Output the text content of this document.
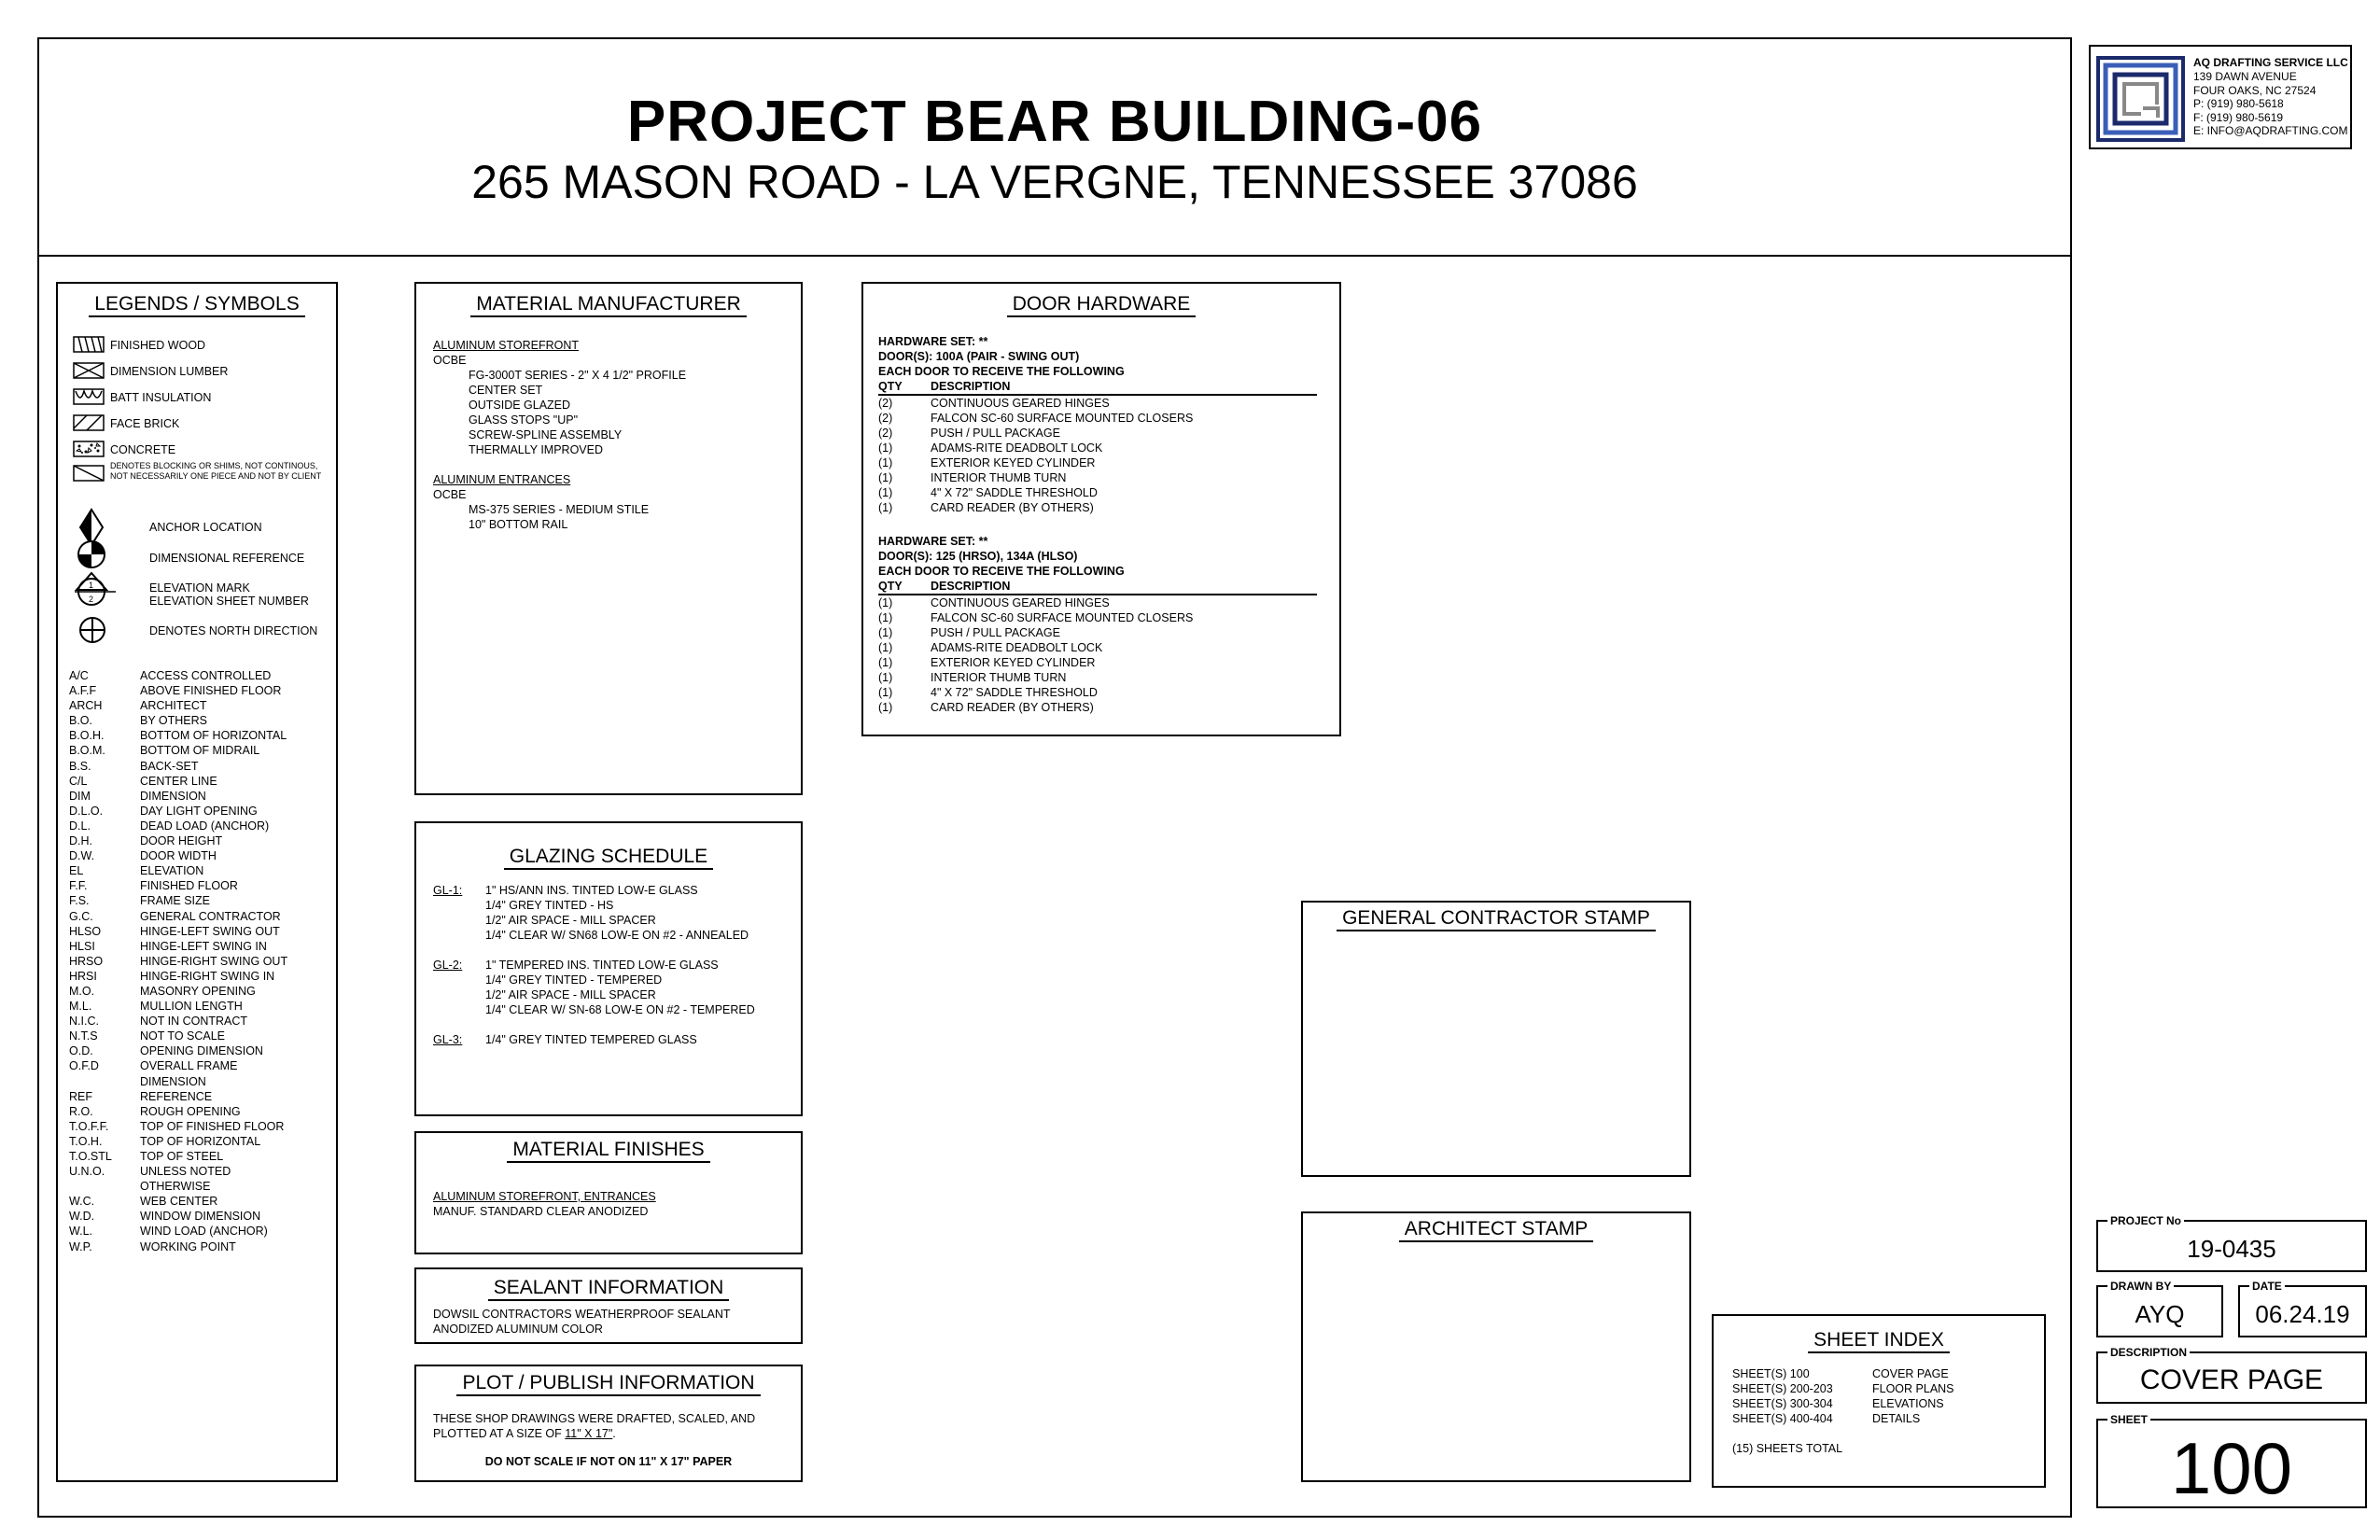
PROJECT BEAR BUILDING-06
265 MASON ROAD - LA VERGNE, TENNESSEE 37086
AQ DRAFTING SERVICE LLC
139 DAWN AVENUE
FOUR OAKS, NC 27524
P: (919) 980-5618
F: (919) 980-5619
E: INFO@AQDRAFTING.COM
LEGENDS / SYMBOLS
FINISHED WOOD
DIMENSION LUMBER
BATT INSULATION
FACE BRICK
CONCRETE
DENOTES BLOCKING OR SHIMS, NOT CONTINOUS, NOT NECESSARILY ONE PIECE AND NOT BY CLIENT
ANCHOR LOCATION
DIMENSIONAL REFERENCE
1
2
ELEVATION MARK
ELEVATION SHEET NUMBER
DENOTES NORTH DIRECTION
A/C	ACCESS CONTROLLED
A.F.F	ABOVE FINISHED FLOOR
ARCH	ARCHITECT
B.O.	BY OTHERS
B.O.H.	BOTTOM OF HORIZONTAL
B.O.M.	BOTTOM OF MIDRAIL
B.S.	BACK-SET
C/L	CENTER LINE
DIM	DIMENSION
D.L.O.	DAY LIGHT OPENING
D.L.	DEAD LOAD (ANCHOR)
D.H.	DOOR HEIGHT
D.W.	DOOR WIDTH
EL	ELEVATION
F.F.	FINISHED FLOOR
F.S.	FRAME SIZE
G.C.	GENERAL CONTRACTOR
HLSO	HINGE-LEFT SWING OUT
HLSI	HINGE-LEFT SWING IN
HRSO	HINGE-RIGHT SWING OUT
HRSI	HINGE-RIGHT SWING IN
M.O.	MASONRY OPENING
M.L.	MULLION LENGTH
N.I.C.	NOT IN CONTRACT
N.T.S	NOT TO SCALE
O.D.	OPENING DIMENSION
O.F.D	OVERALL FRAME
DIMENSION
REF	REFERENCE
R.O.	ROUGH OPENING
T.O.F.F.	TOP OF FINISHED FLOOR
T.O.H.	TOP OF HORIZONTAL
T.O.STL TOP OF STEEL
U.N.O.	UNLESS NOTED
OTHERWISE
W.C.	WEB CENTER
W.D.	WINDOW DIMENSION
W.L.	WIND LOAD (ANCHOR)
W.P.	WORKING POINT
MATERIAL MANUFACTURER
ALUMINUM STOREFRONT
OCBE
FG-3000T SERIES - 2" X 4 1/2" PROFILE
CENTER SET
OUTSIDE GLAZED
GLASS STOPS "UP"
SCREW-SPLINE ASSEMBLY
THERMALLY IMPROVED
ALUMINUM ENTRANCES
OCBE
MS-375 SERIES - MEDIUM STILE
10" BOTTOM RAIL
DOOR HARDWARE
HARDWARE SET: **
DOOR(S): 100A (PAIR - SWING OUT)
EACH DOOR TO RECEIVE THE FOLLOWING
QTY DESCRIPTION
(2)	CONTINUOUS GEARED HINGES
(2)	FALCON SC-60 SURFACE MOUNTED CLOSERS
(2)	PUSH / PULL PACKAGE
(1)	ADAMS-RITE DEADBOLT LOCK
(1)	EXTERIOR KEYED CYLINDER
(1)	INTERIOR THUMB TURN
(1)	4" X 72" SADDLE THRESHOLD
(1)	CARD READER (BY OTHERS)
HARDWARE SET: **
DOOR(S): 125 (HRSO), 134A (HLSO)
EACH DOOR TO RECEIVE THE FOLLOWING
QTY DESCRIPTION
(1)	CONTINUOUS GEARED HINGES
(1)	FALCON SC-60 SURFACE MOUNTED CLOSERS
(1)	PUSH / PULL PACKAGE
(1)	ADAMS-RITE DEADBOLT LOCK
(1)	EXTERIOR KEYED CYLINDER
(1)	INTERIOR THUMB TURN
(1)	4" X 72" SADDLE THRESHOLD
(1)	CARD READER (BY OTHERS)
GLAZING SCHEDULE
GL-1: 1" HS/ANN INS. TINTED LOW-E GLASS
1/4" GREY TINTED - HS
1/2" AIR SPACE - MILL SPACER
1/4" CLEAR W/ SN68 LOW-E ON #2 - ANNEALED
GL-2: 1" TEMPERED INS. TINTED LOW-E GLASS
1/4" GREY TINTED - TEMPERED
1/2" AIR SPACE - MILL SPACER
1/4" CLEAR W/ SN-68 LOW-E ON #2 - TEMPERED
GL-3: 1/4" GREY TINTED TEMPERED GLASS
MATERIAL FINISHES
ALUMINUM STOREFRONT, ENTRANCES
MANUF. STANDARD CLEAR ANODIZED
SEALANT INFORMATION
DOWSIL CONTRACTORS WEATHERPROOF SEALANT
ANODIZED ALUMINUM COLOR
PLOT / PUBLISH INFORMATION
THESE SHOP DRAWINGS WERE DRAFTED, SCALED, AND
PLOTTED AT A SIZE OF 11" X 17".
DO NOT SCALE IF NOT ON 11" X 17" PAPER
GENERAL CONTRACTOR STAMP
ARCHITECT STAMP
SHEET INDEX
SHEET(S) 100	COVER PAGE
SHEET(S) 200-203	FLOOR PLANS
SHEET(S) 300-304	ELEVATIONS
SHEET(S) 400-404	DETAILS
(15) SHEETS TOTAL
PROJECT No
19-0435
DRAWN BY
AYQ
DATE
06.24.19
DESCRIPTION
COVER PAGE
SHEET
100
